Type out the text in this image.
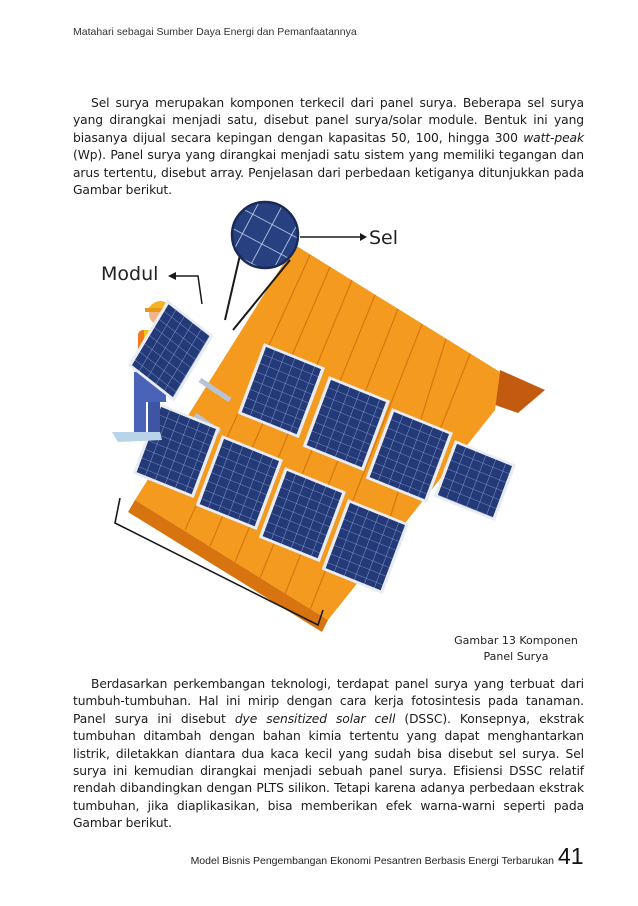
Matahari sebagai Sumber Daya Energi dan Pemanfaatannya

Sel surya merupakan komponen terkecil dari panel surya. Beberapa sel surya yang dirangkai menjadi satu, disebut panel surya/solar module. Bentuk ini yang biasanya dijual secara kepingan dengan kapasitas 50, 100, hingga 300 watt-peak (Wp). Panel surya yang dirangkai menjadi satu sistem yang memiliki tegangan dan arus tertentu, disebut array. Penjelasan dari perbedaan ketiganya ditunjukkan pada Gambar berikut.

Sel
Modul
Gambar 13 Komponen
Panel Surya

Berdasarkan perkembangan teknologi, terdapat panel surya yang terbuat dari tumbuh-tumbuhan. Hal ini mirip dengan cara kerja fotosintesis pada tanaman. Panel surya ini disebut dye sensitized solar cell (DSSC). Konsepnya, ekstrak tumbuhan ditambah dengan bahan kimia tertentu yang dapat menghantarkan listrik, diletakkan diantara dua kaca kecil yang sudah bisa disebut sel surya. Sel surya ini kemudian dirangkai menjadi sebuah panel surya. Efisiensi DSSC relatif rendah dibandingkan dengan PLTS silikon. Tetapi karena adanya perbedaan ekstrak tumbuhan, jika diaplikasikan, bisa memberikan efek warna-warni seperti pada Gambar berikut.

Model Bisnis Pengembangan Ekonomi Pesantren Berbasis Energi Terbarukan 41
